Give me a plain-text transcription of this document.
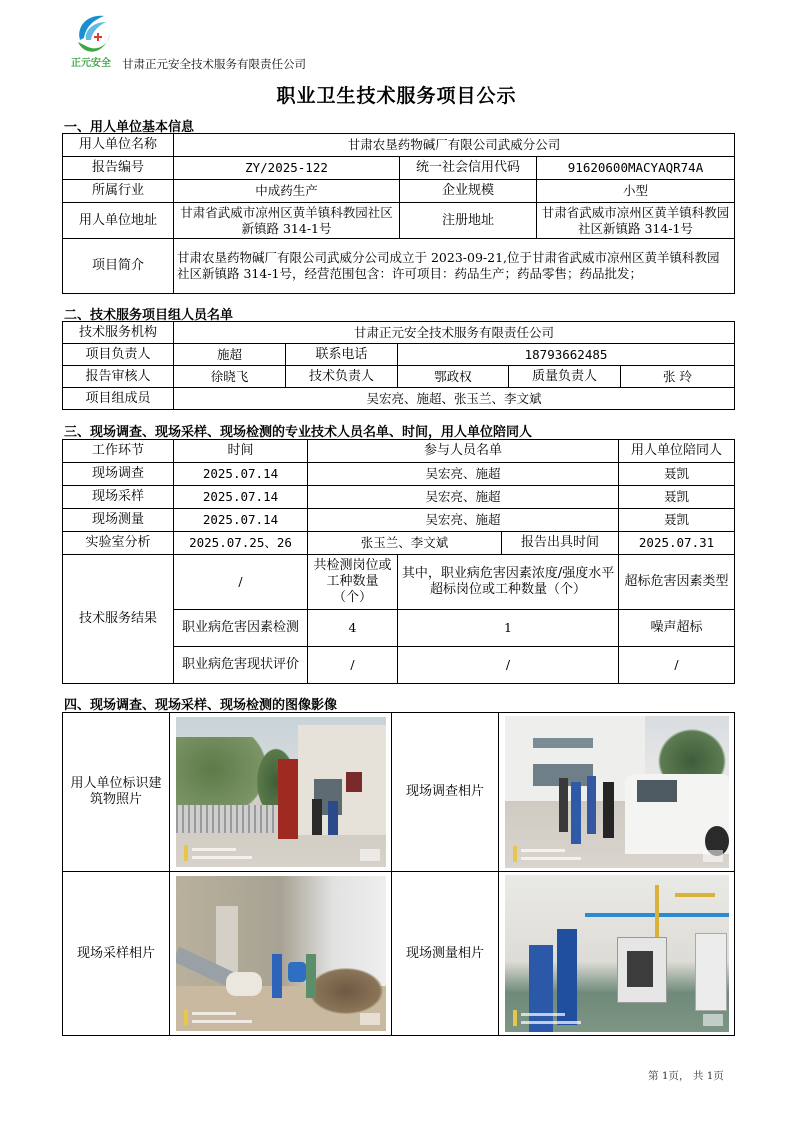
正元安全 甘肃正元安全技术服务有限责任公司
职业卫生技术服务项目公示
一、用人单位基本信息
用人单位名称	甘肃农垦药物碱厂有限公司武威分公司		
报告编号	ZY/2025-122	统一社会信用代码	91620600MACYAQR74A
所属行业	中成药生产	企业规模	小型
用人单位地址	甘肃省武威市凉州区黄羊镇科教园社区新镇路 314-1号	注册地址	甘肃省武威市凉州区黄羊镇科教园社区新镇路 314-1号
项目简介	甘肃农垦药物碱厂有限公司武威分公司成立于 2023-09-21,位于甘肃省武威市凉州区黄羊镇科教园社区新镇路 314-1号，经营范围包含：许可项目：药品生产；药品零售；药品批发；		
二、技术服务项目组人员名单
技术服务机构	甘肃正元安全技术服务有限责任公司				
项目负责人	施超	联系电话	18793662485		
报告审核人	徐晓飞	技术负责人	鄂政权	质量负责人	张 玲
项目组成员	吴宏亮、施超、张玉兰、李文斌				
三、现场调查、现场采样、现场检测的专业技术人员名单、时间，用人单位陪同人
工作环节	时间	参与人员名单			用人单位陪同人
现场调查	2025.07.14	吴宏亮、施超			聂凯
现场采样	2025.07.14	吴宏亮、施超			聂凯
现场测量	2025.07.14	吴宏亮、施超			聂凯
实验室分析	2025.07.25、26	张玉兰、李文斌		报告出具时间	2025.07.31
技术服务结果	/	共检测岗位或工种数量（个）	其中，职业病危害因素浓度/强度水平超标岗位或工种数量（个）		超标危害因素类型
	职业病危害因素检测	4	1		噪声超标
	职业病危害现状评价	/	/		/
四、现场调查、现场采样、现场检测的图像影像
用人单位标识建筑物照片		现场调查相片	

现场采样相片		现场测量相片	
第 1页， 共 1页
